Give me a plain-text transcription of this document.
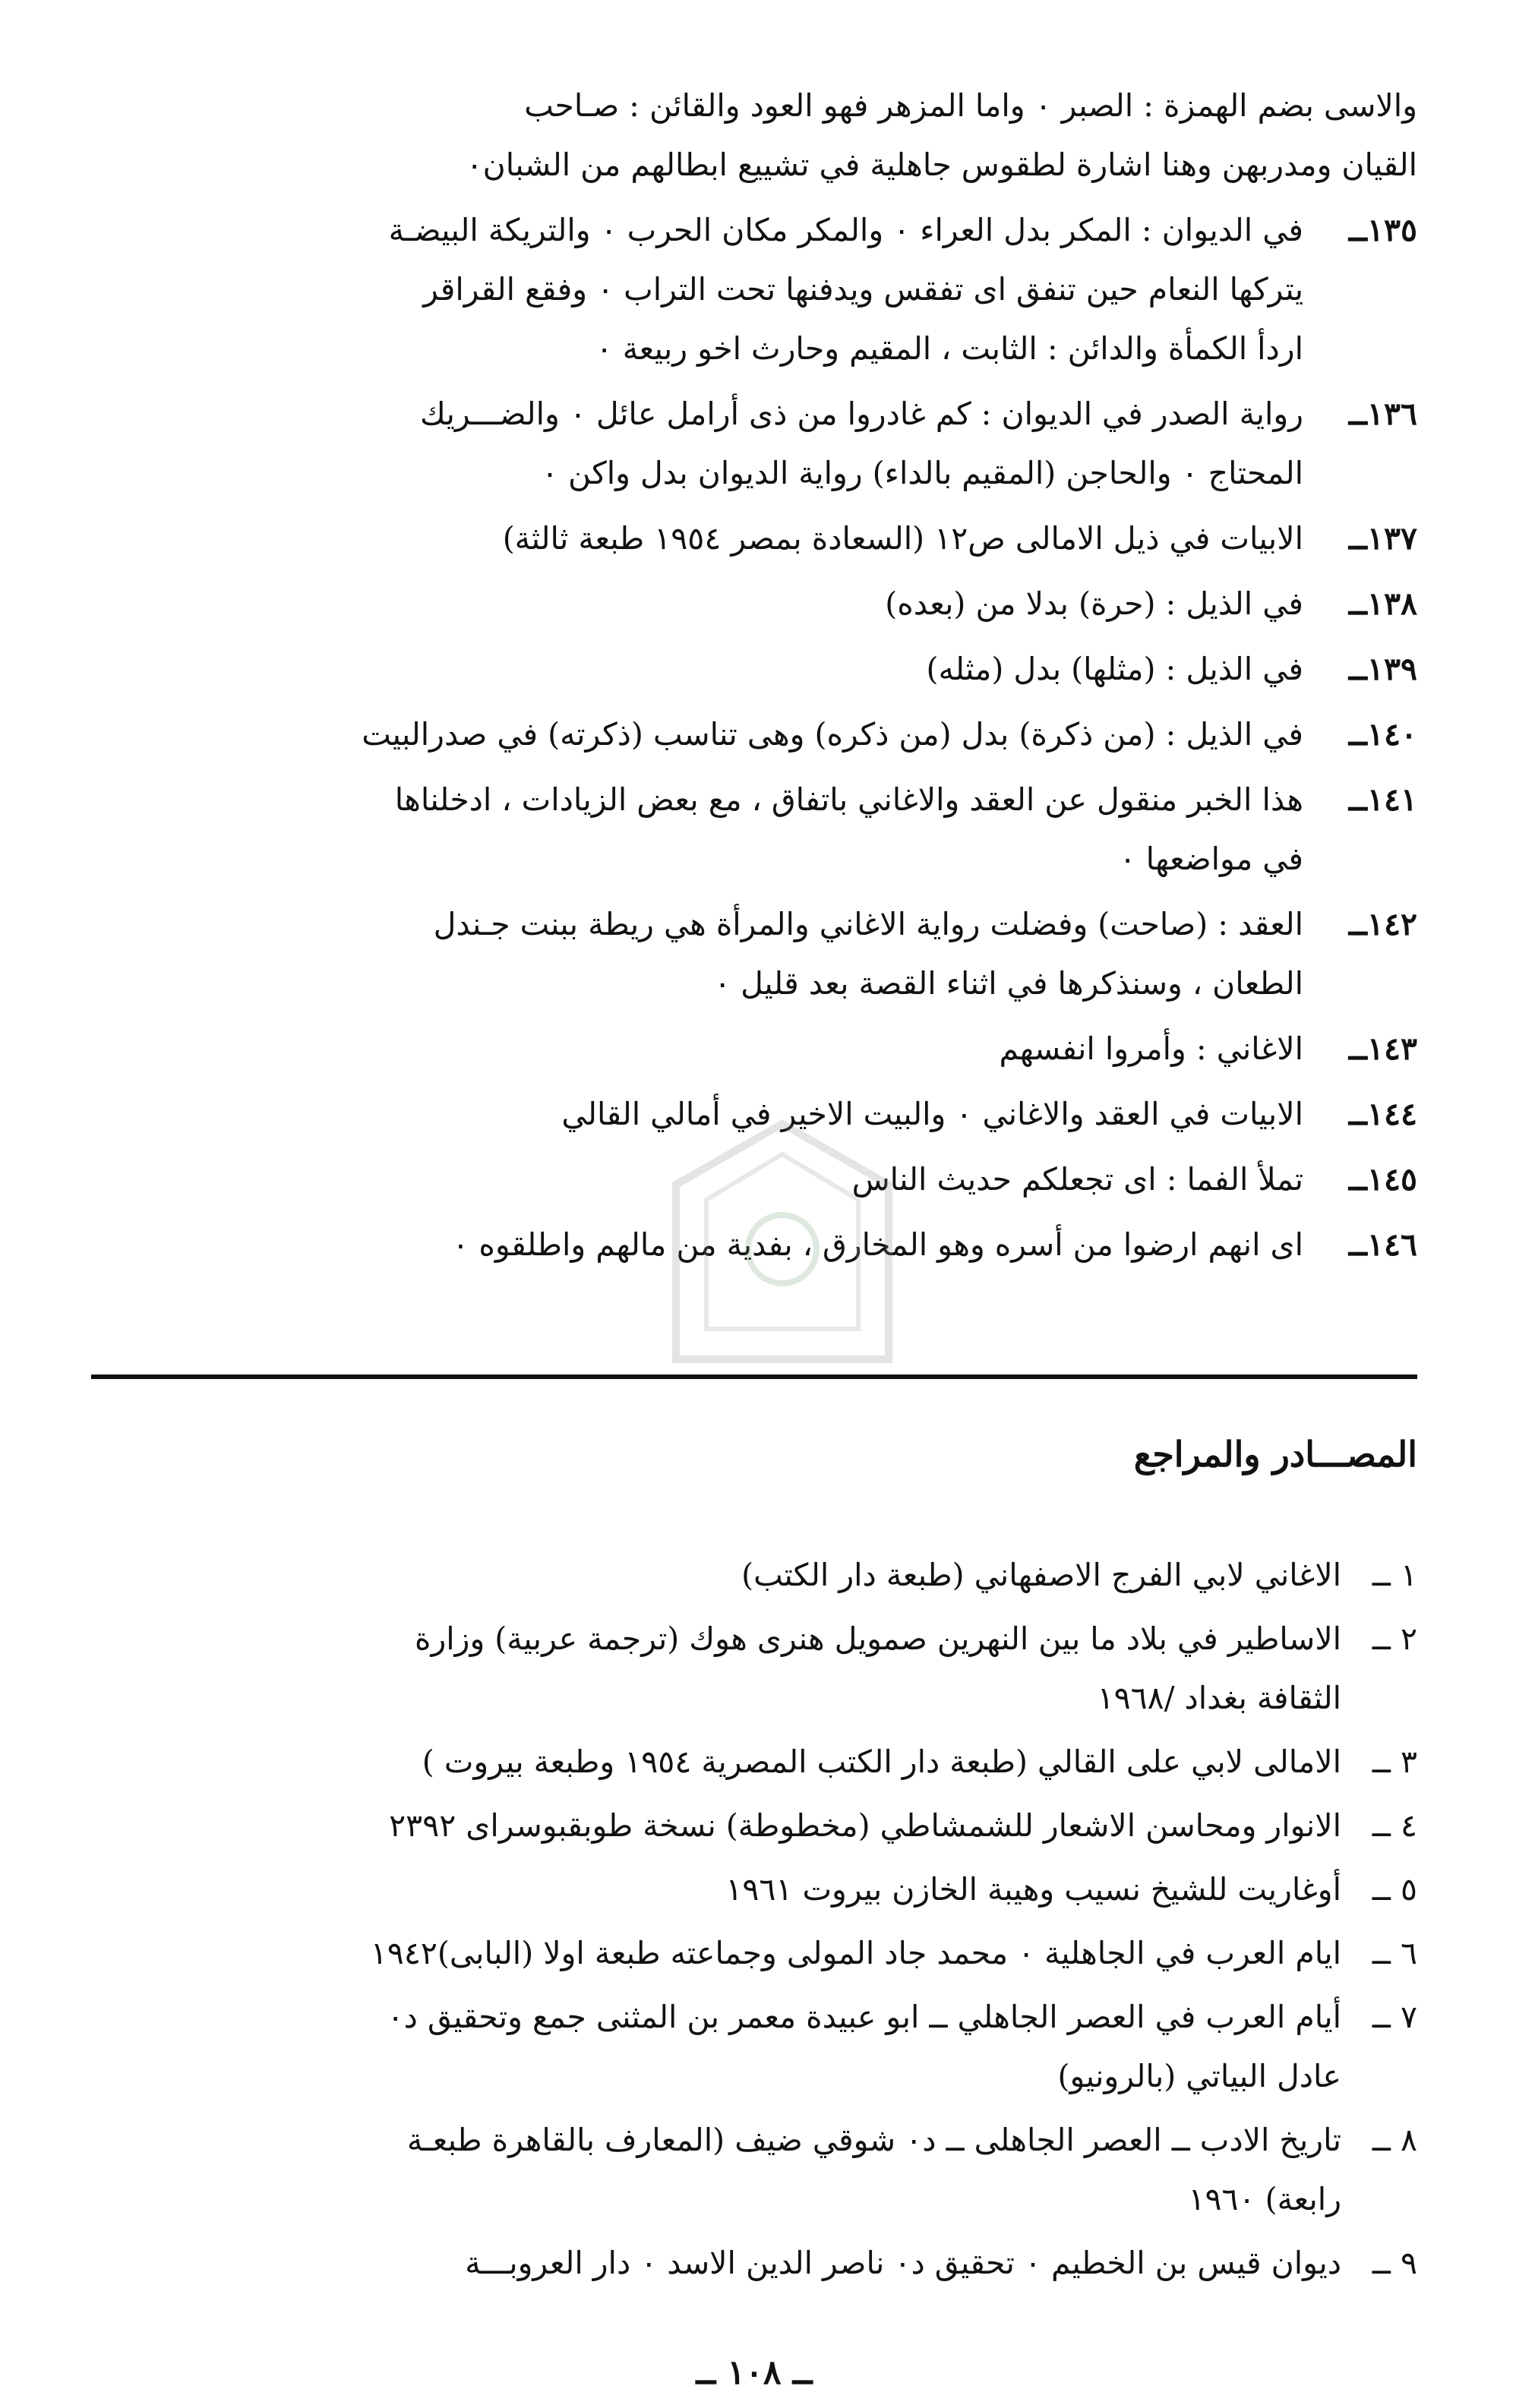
والاسى بضم الهمزة : الصبر ٠ واما المزهر فهو العود والقائن : صـاحب
القيان ومدربهن وهنا اشارة لطقوس جاهلية في تشييع ابطالهم من الشبان٠
١٣٥ــ
في الديوان : المكر بدل العراء ٠ والمكر مكان الحرب ٠ والتريكة البيضـة
يتركها النعام حين تنفق اى تفقس ويدفنها تحت التراب ٠ وفقع القراقر
اردأ الكمأة والدائن : الثابت ، المقيم وحارث اخو ربيعة ٠
١٣٦ــ
رواية الصدر في الديوان : كم غادروا من ذى أرامل عائل ٠ والضـــريك
المحتاج ٠ والحاجن (المقيم بالداء) رواية الديوان بدل واكن ٠
١٣٧ــ
الابيات في ذيل الامالى ص١٢ (السعادة بمصر ١٩٥٤ طبعة ثالثة)
١٣٨ــ
في الذيل : (حرة) بدلا من (بعده)
١٣٩ــ
في الذيل : (مثلها) بدل (مثله)
١٤٠ــ
في الذيل : (من ذكرة) بدل (من ذكره) وهى تناسب (ذكرته) في صدرالبيت
١٤١ــ
هذا الخبر منقول عن العقد والاغاني باتفاق ، مع بعض الزيادات ، ادخلناها
في مواضعها ٠
١٤٢ــ
العقد : (صاحت) وفضلت رواية الاغاني والمرأة هي ريطة ببنت جـندل
الطعان ، وسنذكرها في اثناء القصة بعد قليل ٠
١٤٣ــ
الاغاني : وأمروا انفسهم
١٤٤ــ
الابيات في العقد والاغاني ٠ والبيت الاخير في أمالي القالي
١٤٥ــ
تملأ الفما : اى تجعلكم حديث الناس
١٤٦ــ
اى انهم ارضوا من أسره وهو المخارق ، بفدية من مالهم واطلقوه ٠
المصـــادر والمراجع
١ ــ
الاغاني لابي الفرج الاصفهاني (طبعة دار الكتب)
٢ ــ
الاساطير في بلاد ما بين النهرين صمويل هنرى هوك (ترجمة عربية) وزارة
الثقافة بغداد /١٩٦٨
٣ ــ
الامالى لابي على القالي (طبعة دار الكتب المصرية ١٩٥٤ وطبعة بيروت )
٤ ــ
الانوار ومحاسن الاشعار للشمشاطي (مخطوطة) نسخة طوبقبوسراى ٢٣٩٢
٥ ــ
أوغاريت للشيخ نسيب وهيبة الخازن بيروت ١٩٦١
٦ ــ
ايام العرب في الجاهلية ٠ محمد جاد المولى وجماعته طبعة اولا (البابى)١٩٤٢
٧ ــ
أيام العرب في العصر الجاهلي ــ ابو عبيدة معمر بن المثنى جمع وتحقيق د٠
عادل البياتي (بالرونيو)
٨ ــ
تاريخ الادب ــ العصر الجاهلى ــ د٠ شوقي ضيف (المعارف بالقاهرة طبعـة
رابعة) ١٩٦٠
٩ ــ
ديوان قيس بن الخطيم ٠ تحقيق د٠ ناصر الدين الاسد ٠ دار العروبـــة
ــ ١٠٨ ــ
